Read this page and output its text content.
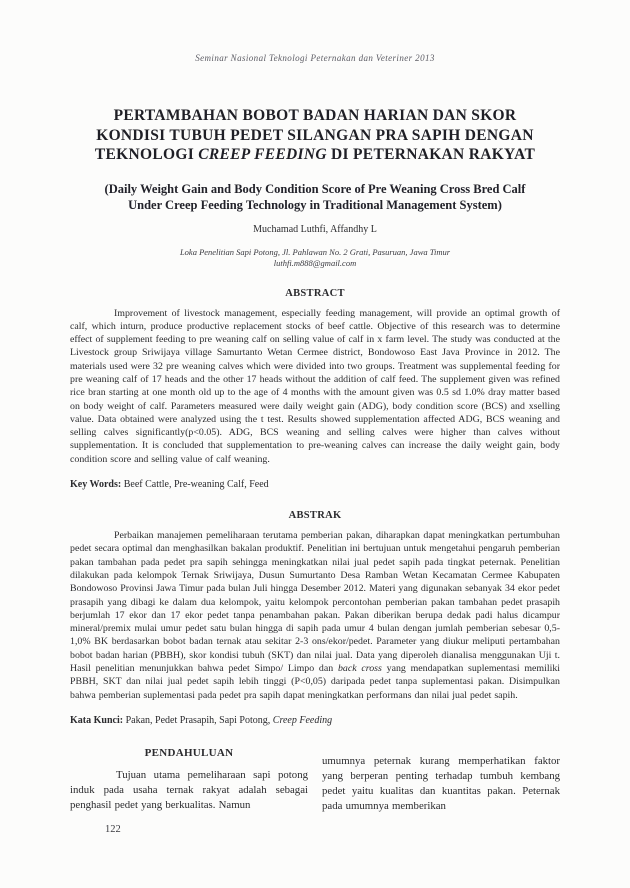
Seminar Nasional Teknologi Peternakan dan Veteriner 2013
PERTAMBAHAN BOBOT BADAN HARIAN DAN SKOR
KONDISI TUBUH PEDET SILANGAN PRA SAPIH DENGAN
TEKNOLOGI CREEP FEEDING DI PETERNAKAN RAKYAT
(Daily Weight Gain and Body Condition Score of Pre Weaning Cross Bred Calf Under Creep Feeding Technology in Traditional Management System)
Muchamad Luthfi, Affandhy L
Loka Penelitian Sapi Potong, Jl. Pahlawan No. 2 Grati, Pasuruan, Jawa Timur
luthfi.m888@gmail.com
ABSTRACT

Improvement of livestock management, especially feeding management, will provide an optimal growth of calf, which inturn, produce productive replacement stocks of beef cattle. Objective of this research was to determine effect of supplement feeding to pre weaning calf on selling value of calf in x farm level. The study was conducted at the Livestock group Sriwijaya village Samurtanto Wetan Cermee district, Bondowoso East Java Province in 2012. The materials used were 32 pre weaning calves which were divided into two groups. Treatment was supplemental feeding for pre weaning calf of 17 heads and the other 17 heads without the addition of calf feed. The supplement given was refined rice bran starting at one month old up to the age of 4 months with the amount given was 0.5 sd 1.0% dray matter based on body weight of calf. Parameters measured were daily weight gain (ADG), body condition score (BCS) and xselling value. Data obtained were analyzed using the t test. Results showed supplementation affected ADG, BCS weaning and selling calves significantly(p<0.05). ADG, BCS weaning and selling calves were higher than calves without supplementation. It is concluded that supplementation to pre-weaning calves can increase the daily weight gain, body condition score and selling value of calf weaning.

Key Words: Beef Cattle, Pre-weaning Calf, Feed
ABSTRAK

Perbaikan manajemen pemeliharaan terutama pemberian pakan, diharapkan dapat meningkatkan pertumbuhan pedet secara optimal dan menghasilkan bakalan produktif. Penelitian ini bertujuan untuk mengetahui pengaruh pemberian pakan tambahan pada pedet pra sapih sehingga meningkatkan nilai jual pedet sapih pada tingkat peternak. Penelitian dilakukan pada kelompok Ternak Sriwijaya, Dusun Sumurtanto Desa Ramban Wetan Kecamatan Cermee Kabupaten Bondowoso Provinsi Jawa Timur pada bulan Juli hingga Desember 2012. Materi yang digunakan sebanyak 34 ekor pedet prasapih yang dibagi ke dalam dua kelompok, yaitu kelompok percontohan pemberian pakan tambahan pedet prasapih berjumlah 17 ekor dan 17 ekor pedet tanpa penambahan pakan. Pakan diberikan berupa dedak padi halus dicampur mineral/premix mulai umur pedet satu bulan hingga di sapih pada umur 4 bulan dengan jumlah pemberian sebesar 0,5-1,0% BK berdasarkan bobot badan ternak atau sekitar 2-3 ons/ekor/pedet. Parameter yang diukur meliputi pertambahan bobot badan harian (PBBH), skor kondisi tubuh (SKT) dan nilai jual. Data yang diperoleh dianalisa menggunakan Uji t. Hasil penelitian menunjukkan bahwa pedet Simpo/ Limpo dan back cross yang mendapatkan suplementasi memiliki PBBH, SKT dan nilai jual pedet sapih lebih tinggi (P<0,05) daripada pedet tanpa suplementasi pakan. Disimpulkan bahwa pemberian suplementasi pada pedet pra sapih dapat meningkatkan performans dan nilai jual pedet sapih.

Kata Kunci: Pakan, Pedet Prasapih, Sapi Potong, Creep Feeding
PENDAHULUAN

Tujuan utama pemeliharaan sapi potong induk pada usaha ternak rakyat adalah sebagai penghasil pedet yang berkualitas. Namun

umumnya peternak kurang memperhatikan faktor yang berperan penting terhadap tumbuh kembang pedet yaitu kualitas dan kuantitas pakan. Peternak pada umumnya memberikan

122
